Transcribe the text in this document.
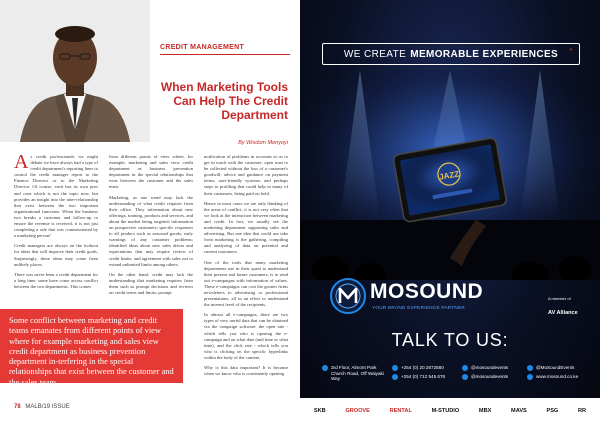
CREDIT MANAGEMENT
When Marketing Tools Can Help The Credit Department
By Wisdom Menyoyi

As credit professionals we might debate we have always had a type of credit department's reporting lines to control the credit manager report to the Finance Director or to the Marketing Director. Of course, each has its own pros and cons which is not the topic now, but provides an insight into the inter-relationship that exist between the two important organizational functions. When the business two breaks a customer and follow-up to ensure the revenue is received, it is not just completing a sale that was commissioned by a marketing person!

Credit managers are always on the lookout for ideas that will improve their credit goals. Surprisingly, these ideas may come from unlikely places.

There was never been a credit department for a long time, some have come across conflict between the two departments. This comes

from different points of view where, for example, marketing and sales view credit department as business prevention department in the special relationships that exist between the customer and the sales team.

Marketing, as one trend may lack the understanding of what credit requires from their office. They information about new offerings, training, products and services, and about the market being targeted; information on prospective customers; specific responses to all product such as seasonal goods; early warnings of any customer problems; identified ideas about new sales drives and expectations that may require review of credit limits; and agreement with sales not to extend unlimited limits among others.

On the other hand, credit may lack the understanding that marketing requires from them such as prompt decisions and reviews on credit terms and limits; prompt

notification of problems in accounts so as to get in touch with the customer; open trust to be collected without the loss of a customer's goodwill; advice and guidance on payment terms; user-friendly systems; and perhaps steps to profiling that could help in many of their customers, being paid on hold.

Hence in most cases we are only thinking of the areas of conflict, it is not very often that we look at the interaction between marketing and credit. In fact, we usually see the marketing department supporting sales and advertising. But one idea that could use take from marketing is the gathering, compiling and analyzing of data on potential and current customers.

One of the tools that many marketing departments use in their quest to understand their present and future customers, is to send out e-campaigns with information of values. These e-campaigns can cost the greater firms newsletters to advertising or professional presentations, all in an effort to understand the interest level of the recipients.

In almost all e-campaigns, there are two types of very useful data that can be obtained via the campaign software: the open rate - which tells you who is opening the e-campaign and on what date (and time or what time), and the click rate - which tells you who is clicking on the specific hyperlinks within the body of the content.

Why is this data important? It is because when we know who is consistently opening

Some conflict between marketing and credit teams emanates from different points of view where for example marketing and sales view credit department as business prevention department in-terfering in the special relationships that exist between the customer and the sales team.

78 MALB/19 ISSUE
WE CREATE MEMORABLE EXPERIENCES "
JAZZ
MOSOUND
YOUR BRAND EXPERIENCE PARTNER
A member of
AV Alliance
TALK TO US:
3rd Floor, Almont Park Church Road, Off Waiyaki Way
+254 (0) 20 2672560
+254 (0) 712 545 676
@mosoundevents
@mosoundevents
@MoSoundEvents
www.mosound.co.ke
SKB	GROOVE	RENTAL	M-STUDIO	MBX	MAVS	PSG	RR
